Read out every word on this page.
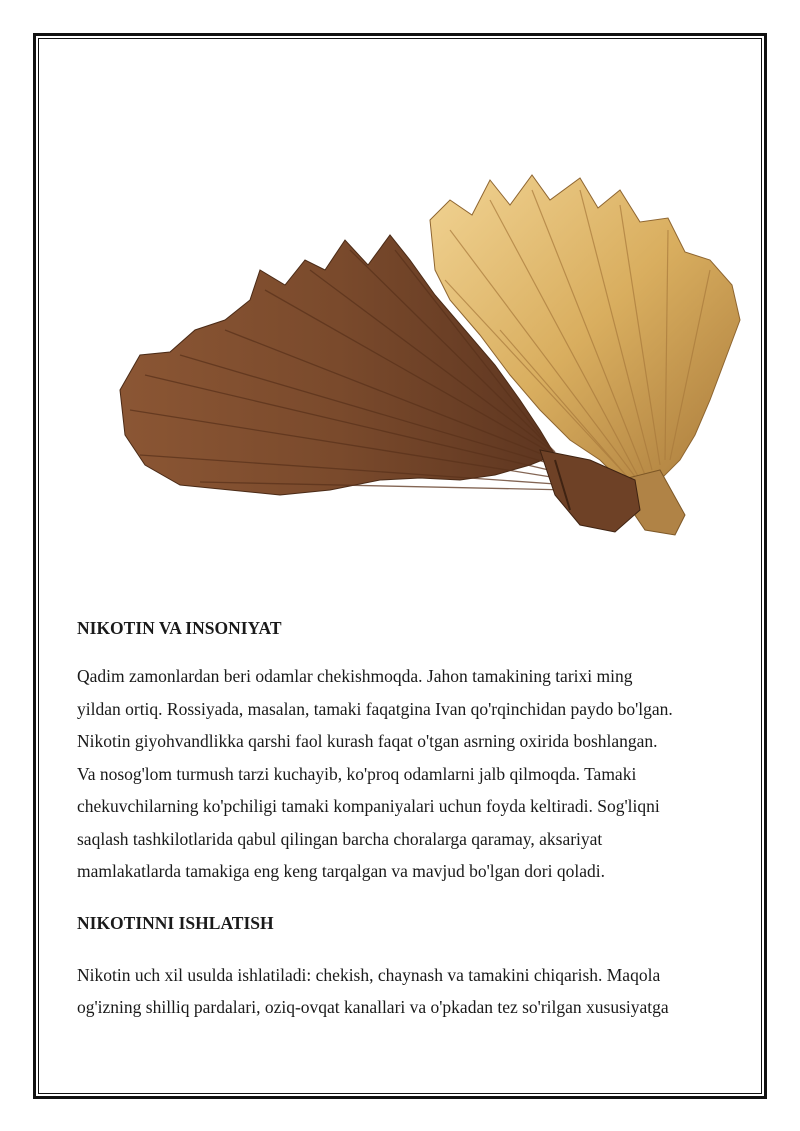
NIKOTIN VA INSONIYAT

Qadim zamonlardan beri odamlar chekishmoqda. Jahon tamakining tarixi ming
yildan ortiq. Rossiyada, masalan, tamaki faqatgina Ivan qo'rqinchidan paydo bo'lgan.
Nikotin giyohvandlikka qarshi faol kurash faqat o'tgan asrning oxirida boshlangan.
Va nosog'lom turmush tarzi kuchayib, ko'proq odamlarni jalb qilmoqda. Tamaki
chekuvchilarning ko'pchiligi tamaki kompaniyalari uchun foyda keltiradi. Sog'liqni
saqlash tashkilotlarida qabul qilingan barcha choralarga qaramay, aksariyat
mamlakatlarda tamakiga eng keng tarqalgan va mavjud bo'lgan dori qoladi.

NIKOTINNI ISHLATISH

Nikotin uch xil usulda ishlatiladi: chekish, chaynash va tamakini chiqarish. Maqola
og'izning shilliq pardalari, oziq-ovqat kanallari va o'pkadan tez so'rilgan xususiyatga
